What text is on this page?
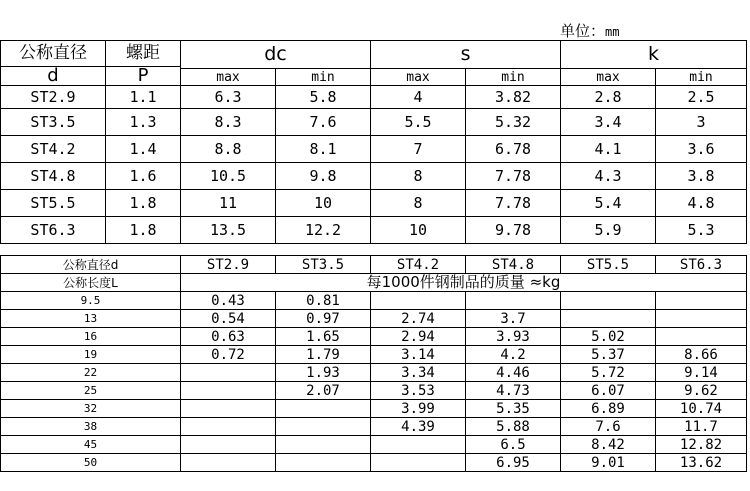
单位：mm
公称直径	螺距	dc		s		k	
d	P						
		max	min	max	min	max	min
ST2.9	1.1	6.3	5.8	4	3.82	2.8	2.5
ST3.5	1.3	8.3	7.6	5.5	5.32	3.4	3
ST4.2	1.4	8.8	8.1	7	6.78	4.1	3.6
ST4.8	1.6	10.5	9.8	8	7.78	4.3	3.8
ST5.5	1.8	11	10	8	7.78	5.4	4.8
ST6.3	1.8	13.5	12.2	10	9.78	5.9	5.3
公称直径d	ST2.9	ST3.5	ST4.2	ST4.8	ST5.5	ST6.3
公称长度L	每1000件钢制品的质量 ≈kg					
9.5	0.43	0.81				
13	0.54	0.97	2.74	3.7		
16	0.63	1.65	2.94	3.93	5.02	
19	0.72	1.79	3.14	4.2	5.37	8.66
22		1.93	3.34	4.46	5.72	9.14
25		2.07	3.53	4.73	6.07	9.62
32			3.99	5.35	6.89	10.74
38			4.39	5.88	7.6	11.7
45				6.5	8.42	12.82
50				6.95	9.01	13.62
